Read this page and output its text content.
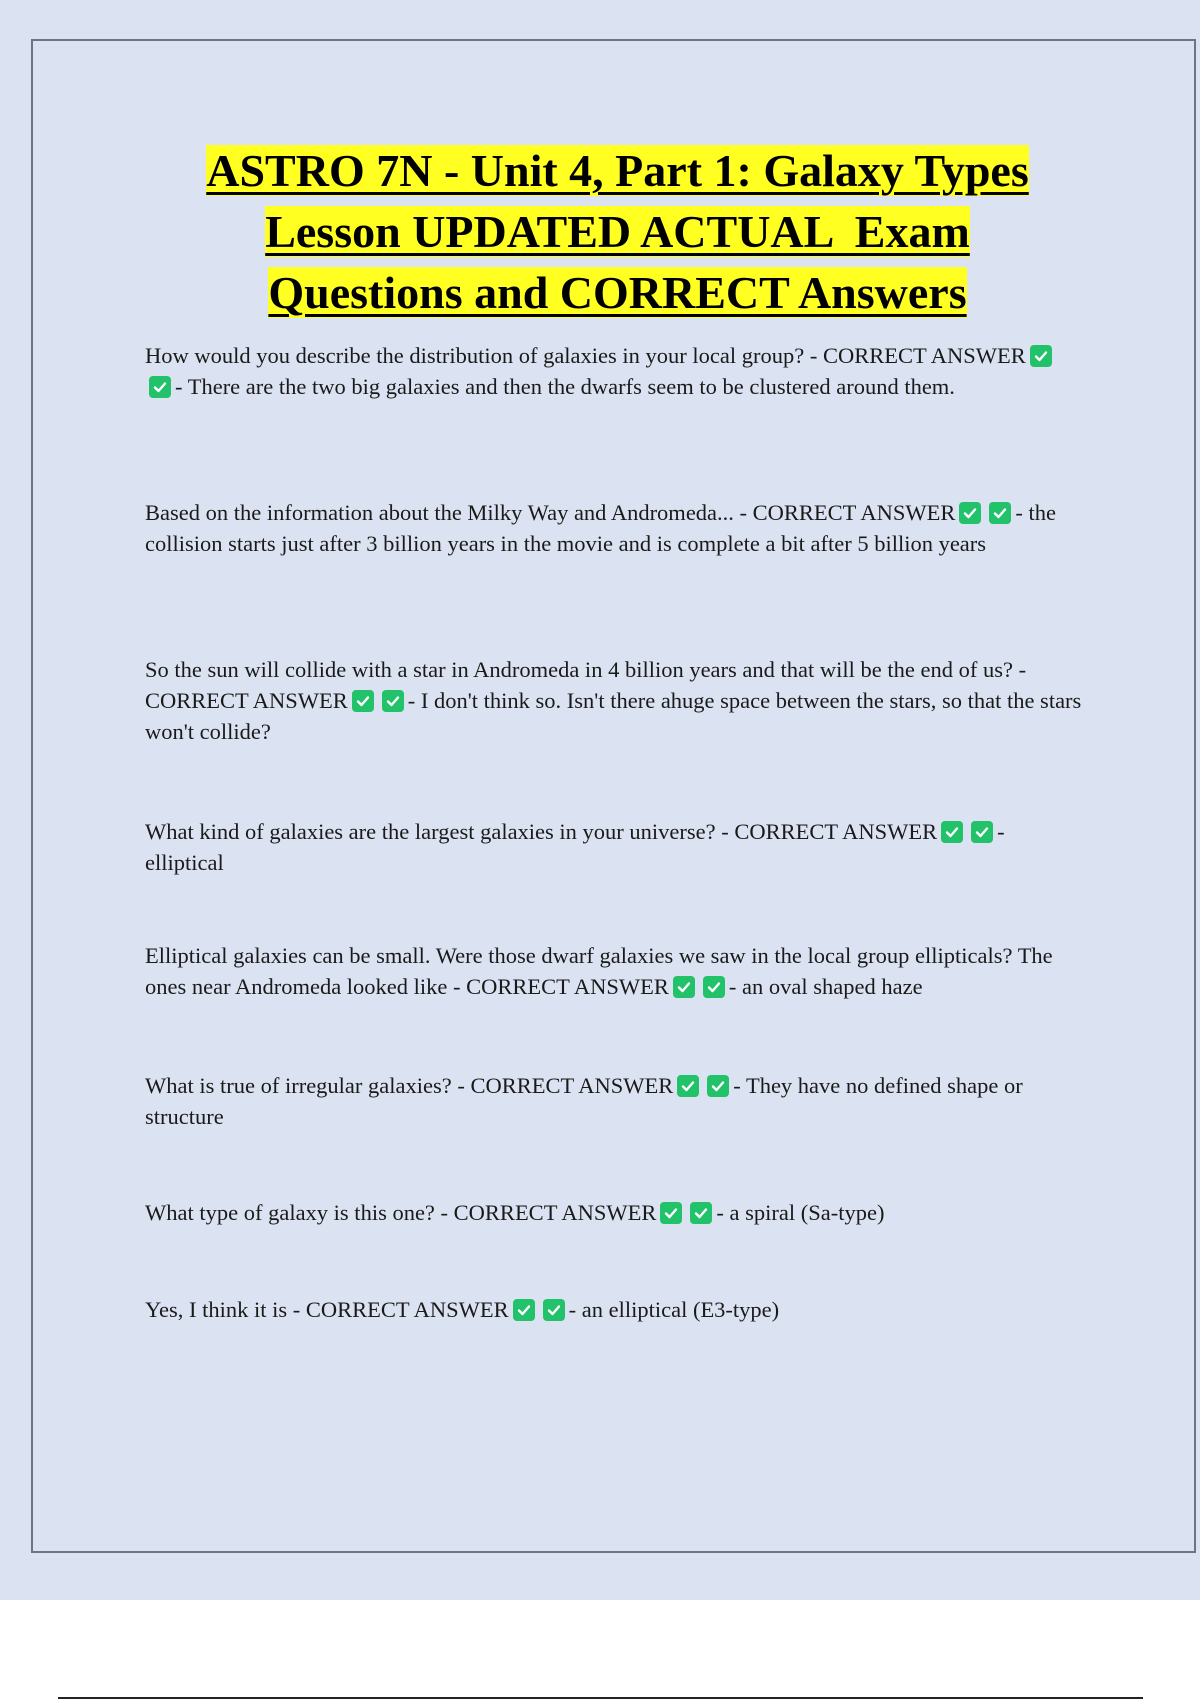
ASTRO 7N - Unit 4, Part 1: Galaxy Types
Lesson UPDATED ACTUAL  Exam
Questions and CORRECT Answers

How would you describe the distribution of galaxies in your local group? - CORRECT ANSWER
- There are the two big galaxies and then the dwarfs seem to be clustered around them.

Based on the information about the Milky Way and Andromeda... - CORRECT ANSWER	- the collision starts just after 3 billion years in the movie and is complete a bit after 5 billion years

So the sun will collide with a star in Andromeda in 4 billion years and that will be the end of us? - CORRECT ANSWER	- I don't think so. Isn't there ahuge space between the stars, so that the stars won't collide?

What kind of galaxies are the largest galaxies in your universe? - CORRECT ANSWER	- elliptical

Elliptical galaxies can be small. Were those dwarf galaxies we saw in the local group ellipticals? The ones near Andromeda looked like - CORRECT ANSWER	- an oval shaped haze

What is true of irregular galaxies? - CORRECT ANSWER	- They have no defined shape or structure

What type of galaxy is this one? - CORRECT ANSWER	- a spiral (Sa-type)

Yes, I think it is - CORRECT ANSWER	- an elliptical (E3-type)
